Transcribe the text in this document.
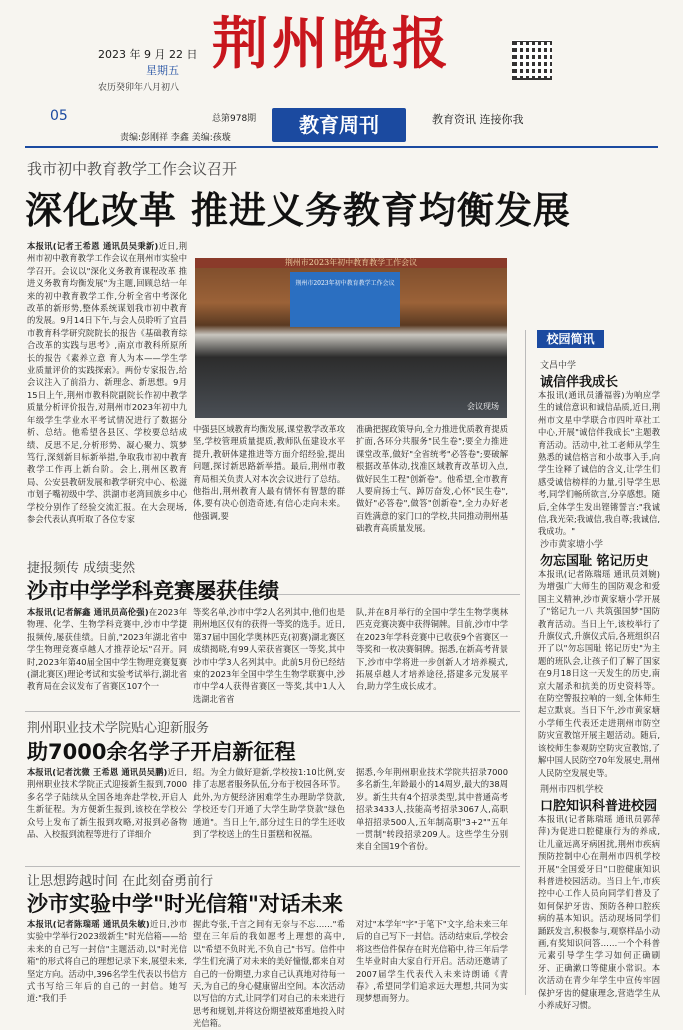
2023 年 9 月 22 日
星期五
农历癸卯年八月初八
荆州晚报
05	总第978期	教育周刊	教育资讯 连接你我
责编:彭刚祥 李鑫 美编:孩璇
我市初中教育教学工作会议召开
深化改革 推进义务教育均衡发展
本报讯(记者王希恩 通讯员吴秉新)近日,荆州市初中教育教学工作会议在荆州市实验中学召开。会议以"深化义务教育课程改革 推进义务教育均衡发展"为主题,回顾总结一年来的初中教育教学工作,分析全省中考深化改革的新形势,整体系统谋划我市初中教育的发展。9月14日下午,与会人员聆听了宜昌市教育科学研究院院长的报告《基础教育综合改革的实践与思考》,南京市教科所原所长的报告《素养立意 育人为本——学生学业质量评价的实践探索》。两份专家报告,给会议注入了前沿力、新理念、新思想。9月15日上午,荆州市教科院副院长作初中教学质量分析评价报告,对荆州市2023年初中九年级学生学业水平考试情况进行了数据分析、总结。他希望各县区、学校要总结成绩、反思不足,分析形势、凝心聚力、筑梦笃行,深刻新目标新举措,争取我市初中教育教学工作再上新台阶。会上,荆州区教育局、公安县教研发展和教学研究中心、松滋市划子嘴初级中学、洪湖市老湾回族乡中心学校分别作了经验交流汇报。在大会现场,参会代表认真听取了各位专家
荆州市2023年初中教育教学工作会议
荆州市2023年初中教育教学工作会议
会议现场
中强县区域教育均衡发展,课堂教学改革攻坚,学校管理质量提质,教师队伍建设水平提升,教研体建推进等方面介绍经验,提出问题,探讨新思路新举措。最后,荆州市教育局相关负责人对本次会议进行了总结。他指出,荆州教育人最有情怀有智慧的群体,要有决心创造奇迹,有信心走向未来。他强调,要
准确把握政策导向,全力推进优质教育提质扩面,各环分共服务"民生卷";要全力推进课堂改革,做好"全省统考"必答卷";要破解根据改革体动,找准区域教育改革切入点,做好民生工程"创新卷"。他希望,全市教育人要肩扬士气、踔厉奋发,心怀"民生卷",做好"必答卷",做答"创新卷",全力办好老百姓满意的家门口的学校,共同推动荆州基础教育高质量发展。
校园简讯
文昌中学
诚信伴我成长
本报讯(通讯员潘福蓉)为响应学生的诚信意识和诚信品质,近日,荆州市文星中学联合市四叶草社工中心,开展"诚信伴我成长"主题教育活动。活动中,社工老师从学生熟悉的诚信格言和小故事入手,向学生诠释了诚信的含义,让学生们感受诚信榜样的力量,引导学生思考,同学们畅所欲言,分享感想。随后,全体学生发出铿锵誓言:"我诚信,我光荣;我诚信,我自尊;我诚信,我成功。"
沙市黄家塘小学
勿忘国耻 铭记历史
本报讯(记者陈瑞瑶 通讯员刘婉)为增强广大师生的国防观念和爱国主义精神,沙市黄家塘小学开展了"铭记九一八 共筑强国梦"国防教育活动。当日上午,该校举行了升旗仪式,升旗仪式后,各班组织召开了以"勿忘国耻 铭记历史"为主题的班队会,让孩子们了解了国家在9月18日这一天发生的历史,南京大屠杀和抗美的历史资料等。在防空警报拉响的一刻,全体师生起立默哀。当日下午,沙市黄家塘小学师生代表还走进荆州市防空防灾宣教馆开展主题活动。随后,该校师生参观防空防灾宣教馆,了解中国人民防空70年发展史,荆州人民防空发展史等。
荆州市四机学校
口腔知识科普进校园
本报讯(记者陈瑞瑶 通讯员郭萍萍)为促进口腔健康行为的养成,让儿童远离牙病困扰,荆州市疾病预防控制中心在荆州市四机学校开展"全国爱牙日"口腔健康知识科普进校园活动。当日上午,市疾控中心工作人员向同学们普及了如何保护牙齿、预防各种口腔疾病的基本知识。活动现场同学们踊跃发言,积极参与,观察样品小动画,有奖知识问答……一个个科普元素引导学生学习如何正确刷牙、正确漱口等健康小常识。本次活动在青少年学生中宣传牢固保护牙齿的健康理念,营造学生从小养成好习惯。
捷报频传 成绩斐然
沙市中学学科竞赛屡获佳绩
本报讯(记者解鑫 通讯员高伦强)在2023年物理、化学、生物学科竞赛中,沙市中学捷报频传,屡获佳绩。日前,"2023年湖北省中学生物理竞赛卓越人才推荐论坛"召开。同时,2023年第40届全国中学生物理竞赛复赛(湖北赛区)理论考试和实验考试举行,湖北省教育局在会议发布了省赛区107个一
等奖名单,沙市中学2人名列其中,他们也是荆州地区仅有的获得一等奖的选手。近日,第37届中国化学奥林匹克(初赛)湖北赛区成绩揭晓,有99人荣获省赛区一等奖,其中沙市中学3人名列其中。此前5月份已经结束的2023年全国中学生生物学联赛中,沙市中学4人获得省赛区一等奖,其中1人入选湖北省省
队,并在8月举行的全国中学生生物学奥林匹克竞赛决赛中获得铜牌。目前,沙市中学在2023年学科竞赛中已收获9个省赛区一等奖和一枚决赛铜牌。据悉,在新高考背景下,沙市中学将进一步创新人才培养模式,拓展卓越人才培养途径,搭建多元发展平台,助力学生成长成才。
荆州职业技术学院贴心迎新服务
助7000余名学子开启新征程
本报讯(记者沈微 王希恩 通讯员吴鹏)近日,荆州职业技术学院正式迎接新生报到,7000多名学子陆续从全国各地奔赴学校,开启人生新征程。为方便新生报到,该校在学校公众号上发布了新生报到攻略,对报到必备物品、入校报到流程等进行了详细介
绍。为全力做好迎新,学校按1:10比例,安排了志愿者服务队伍,分布于校园各环节。此外,为方便经济困难学生办理助学贷款,学校还专门开通了大学生助学贷款"绿色通道"。当日上午,部分过生日的学生还收到了学校送上的生日蛋糕和祝福。
据悉,今年荆州职业技术学院共招录7000多名新生,年龄最小的14周岁,最大的38周岁。新生共有4个招录类型,其中普通高考招录3433人,技能高考招录3067人,高职单招招录500人,五年制高职"3+2""五年一贯制"转段招录209人。这些学生分别来自全国19个省份。
让思想跨越时间 在此刻奋勇前行
沙市实验中学"时光信箱"对话未来
本报讯(记者陈瑞瑶 通讯员朱敏)近日,沙市实验中学举行2023级新生"时光信箱——给未来的自己写一封信"主题活动,以"时光信箱"的形式将自己的理想记录下来,展望未来,坚定方向。活动中,396名学生代表以书信方式书写给三年后的自己的一封信。她写道:"我们手
握此夸张,千言之间有无奈与不忘……"希望在三年后的我如愿考上理想的高中,以"希望不负时光,不负自己"书写。信件中学生们充满了对未来的美好憧憬,都来自对自己的一份期望,力求自己认真地对待每一天,为自己的身心健康留出空间。本次活动以写信的方式,让同学们对自己的未来进行思考和规划,并将这份期望被郑重地投入时光信箱。
对过"本学年"字"于笔下"文字,给未来三年后的自己写下一封信。活动结束后,学校会将这些信件保存在时光信箱中,待三年后学生毕业时由大家自行开启。活动还邀请了2007届学生代表代入未来诗朗诵《青春》,希望同学们追求远大理想,共同为实现梦想而努力。
